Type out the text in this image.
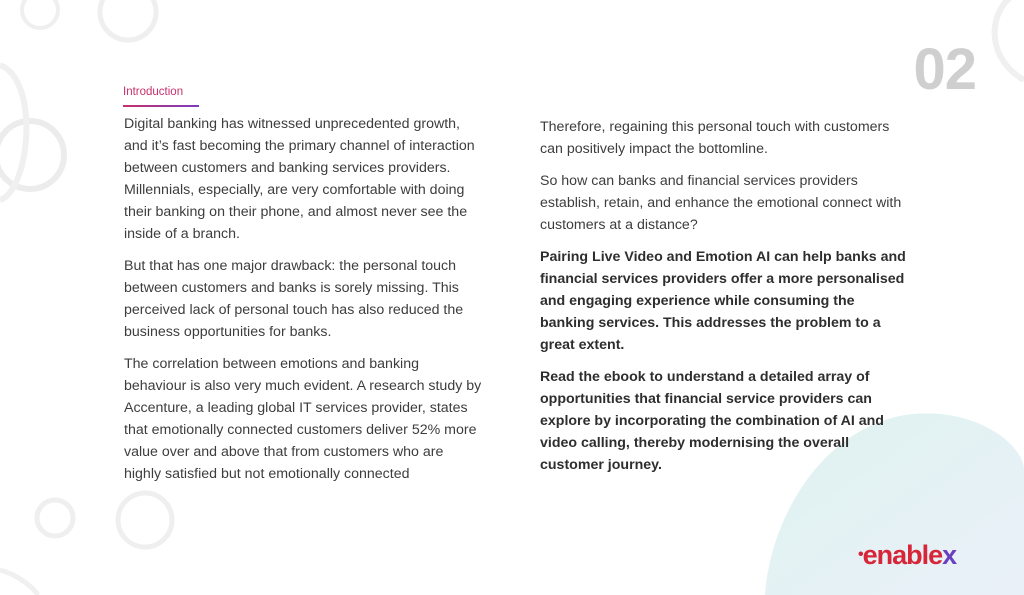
02
Introduction

Digital banking has witnessed unprecedented growth, and it’s fast becoming the primary channel of interaction between customers and banking services providers. Millennials, especially, are very comfortable with doing their banking on their phone, and almost never see the inside of a branch.

But that has one major drawback: the personal touch between customers and banks is sorely missing. This perceived lack of personal touch has also reduced the business opportunities for banks.

The correlation between emotions and banking behaviour is also very much evident. A research study by Accenture, a leading global IT services provider, states that emotionally connected customers deliver 52% more value over and above that from customers who are highly satisfied but not emotionally connected

Therefore, regaining this personal touch with customers can positively impact the bottomline.

So how can banks and financial services providers establish, retain, and enhance the emotional connect with customers at a distance?

Pairing Live Video and Emotion AI can help banks and financial services providers offer a more personalised and engaging experience while consuming the banking services. This addresses the problem to a great extent.

Read the ebook to understand a detailed array of opportunities that financial service providers can explore by incorporating the combination of AI and video calling, thereby modernising the overall customer journey.

•enablex
